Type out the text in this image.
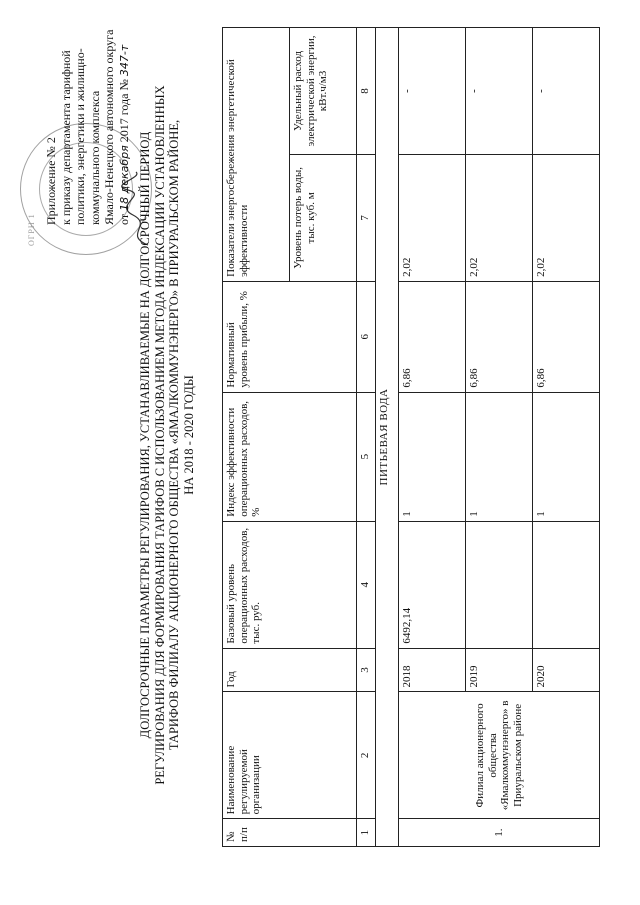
ОГРН 1
Приложение № 2 к приказу департамента тарифной политики, энергетики и жилищно- коммунального комплекса Ямало-Ненецкого автономного округа от 18 декабря 2017 года № 347-т
ДОЛГОСРОЧНЫЕ ПАРАМЕТРЫ РЕГУЛИРОВАНИЯ, УСТАНАВЛИВАЕМЫЕ НА ДОЛГОСРОЧНЫЙ ПЕРИОД РЕГУЛИРОВАНИЯ ДЛЯ ФОРМИРОВАНИЯ ТАРИФОВ С ИСПОЛЬЗОВАНИЕМ МЕТОДА ИНДЕКСАЦИИ УСТАНОВЛЕННЫХ ТАРИФОВ ФИЛИАЛУ АКЦИОНЕРНОГО ОБЩЕСТВА «ЯМАЛКОММУНЭНЕРГО» В ПРИУРАЛЬСКОМ РАЙОНЕ, НА 2018 - 2020 ГОДЫ
№ п/п	Наименование регулируемой организации	Год	Базовый уровень операционных расходов, тыс. руб.	Индекс эффективности операционных расходов, %	Нормативный уровень прибыли, %	Показатели энергосбережения энергетической эффективности	
						Уровень потерь воды, тыс. куб. м	Удельный расход электрической энергии, кВт.ч/м3
1	2	3	4	5	6	7	8
ПИТЬЕВАЯ ВОДА							
1.	Филиал акционерного общества «Ямалкоммунэнерго» в Приуральском районе	2018	6492,14	1	6,86	2,02	-
		2019		1	6,86	2,02	-
		2020		1	6,86	2,02	-
